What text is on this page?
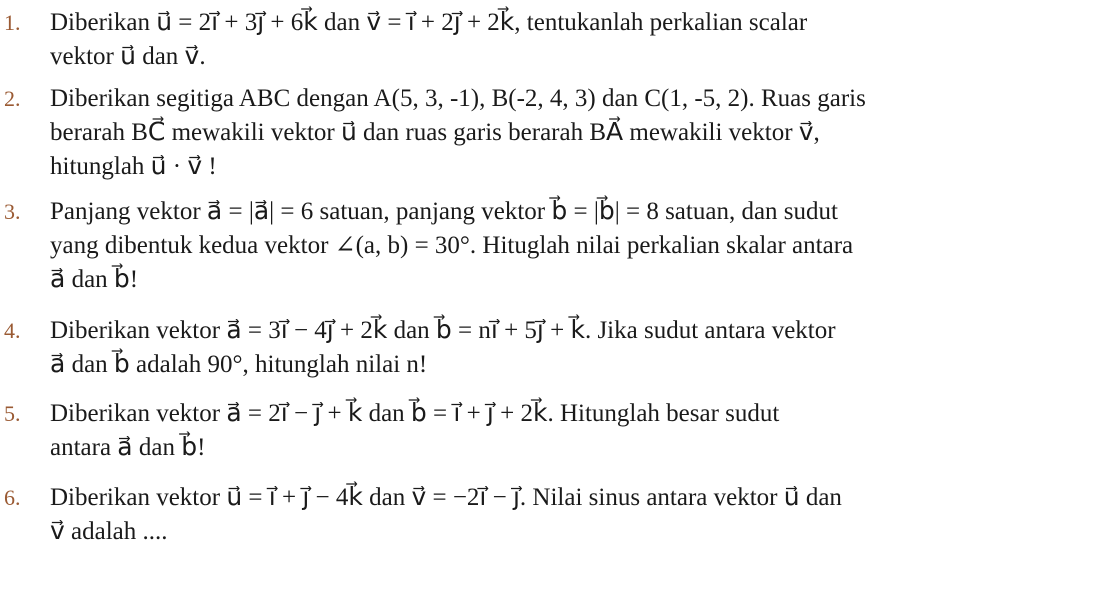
1.	Diberikan u⃗ = 2i⃗ + 3j⃗ + 6k⃗ dan v⃗ = i⃗ + 2j⃗ + 2k⃗, tentukanlah perkalian scalar
vektor u⃗ dan v⃗.
2.	Diberikan segitiga ABC dengan A(5, 3, -1), B(-2, 4, 3) dan C(1, -5, 2). Ruas garis
berarah BC⃗ mewakili vektor u⃗ dan ruas garis berarah BA⃗ mewakili vektor v⃗,
hitunglah u⃗ · v⃗ !
3.	Panjang vektor a⃗ = |a⃗| = 6 satuan, panjang vektor b⃗ = |b⃗| = 8 satuan, dan sudut
yang dibentuk kedua vektor ∠(a, b) = 30°. Hituglah nilai perkalian skalar antara
a⃗ dan b⃗!
4.	Diberikan vektor a⃗ = 3i⃗ − 4j⃗ + 2k⃗ dan b⃗ = ni⃗ + 5j⃗ + k⃗. Jika sudut antara vektor
a⃗ dan b⃗ adalah 90°, hitunglah nilai n!
5.	Diberikan vektor a⃗ = 2i⃗ − j⃗ + k⃗ dan b⃗ = i⃗ + j⃗ + 2k⃗. Hitunglah besar sudut
antara a⃗ dan b⃗!
6.	Diberikan vektor u⃗ = i⃗ + j⃗ − 4k⃗ dan v⃗ = −2i⃗ − j⃗. Nilai sinus antara vektor u⃗ dan
v⃗ adalah ....
